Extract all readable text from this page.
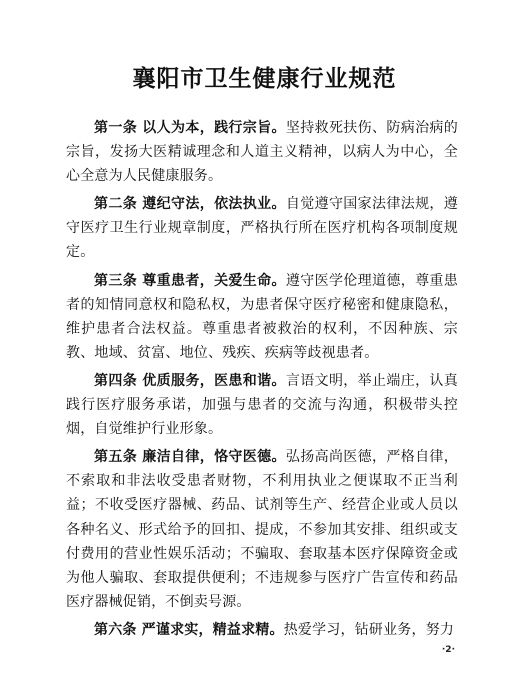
襄阳市卫生健康行业规范

第一条 以人为本，践行宗旨。坚持救死扶伤、防病治病的宗旨，发扬大医精诚理念和人道主义精神，以病人为中心，全心全意为人民健康服务。

第二条 遵纪守法，依法执业。自觉遵守国家法律法规，遵守医疗卫生行业规章制度，严格执行所在医疗机构各项制度规定。

第三条 尊重患者，关爱生命。遵守医学伦理道德，尊重患者的知情同意权和隐私权，为患者保守医疗秘密和健康隐私，维护患者合法权益。尊重患者被救治的权利，不因种族、宗教、地域、贫富、地位、残疾、疾病等歧视患者。

第四条 优质服务，医患和谐。言语文明，举止端庄，认真践行医疗服务承诺，加强与患者的交流与沟通，积极带头控烟，自觉维护行业形象。

第五条 廉洁自律，恪守医德。弘扬高尚医德，严格自律，不索取和非法收受患者财物，不利用执业之便谋取不正当利益；不收受医疗器械、药品、试剂等生产、经营企业或人员以各种名义、形式给予的回扣、提成，不参加其安排、组织或支付费用的营业性娱乐活动；不骗取、套取基本医疗保障资金或为他人骗取、套取提供便利；不违规参与医疗广告宣传和药品医疗器械促销，不倒卖号源。

第六条 严谨求实，精益求精。热爱学习，钻研业务，努力

·2·
